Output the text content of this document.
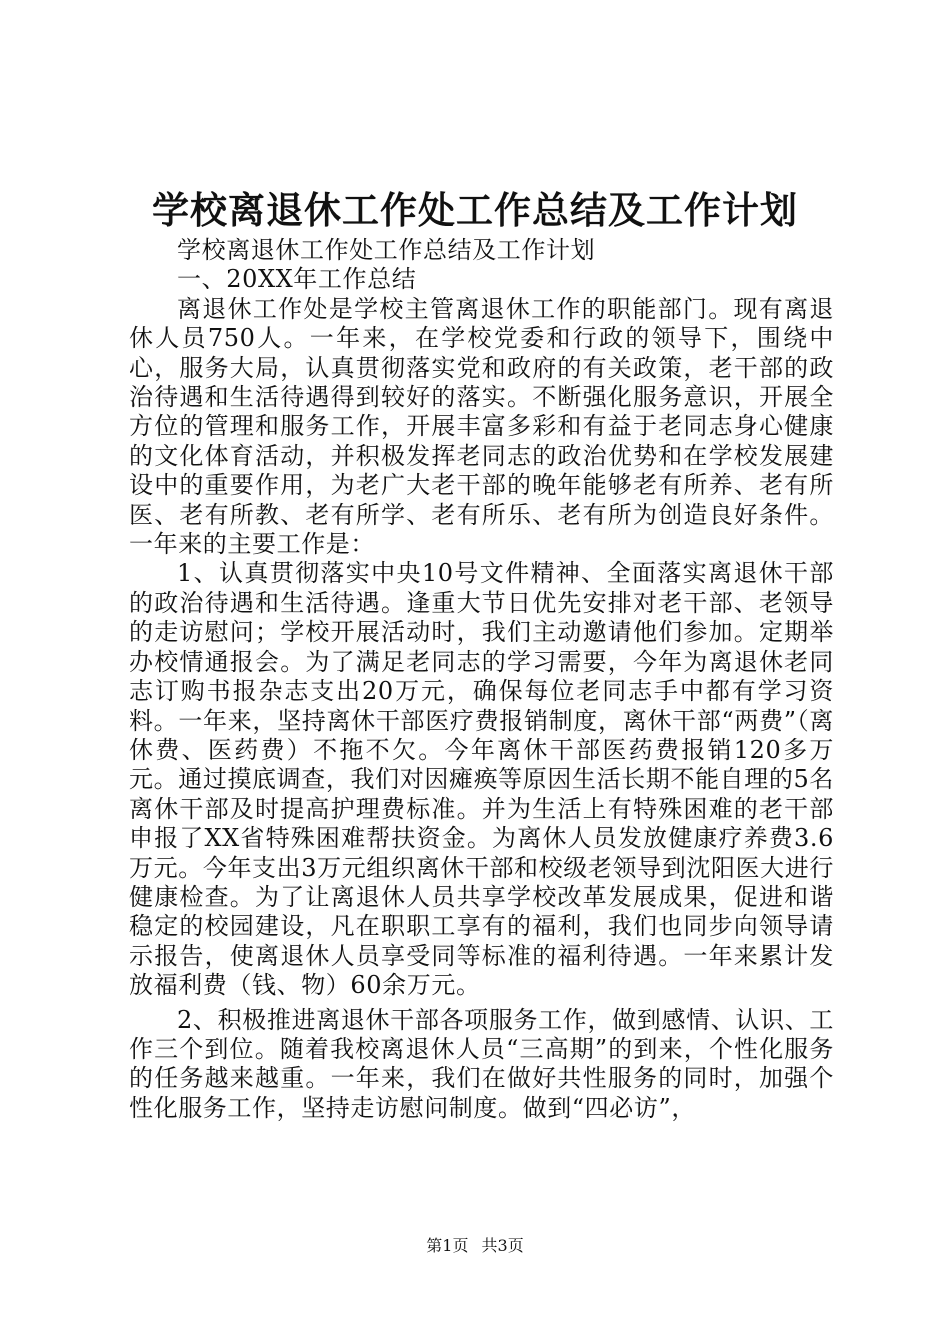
学校离退休工作处工作总结及工作计划

学校离退休工作处工作总结及工作计划

一、20XX年工作总结

离退休工作处是学校主管离退休工作的职能部门。现有离退休人员750人。一年来，在学校党委和行政的领导下，围绕中心，服务大局，认真贯彻落实党和政府的有关政策，老干部的政治待遇和生活待遇得到较好的落实。不断强化服务意识，开展全方位的管理和服务工作，开展丰富多彩和有益于老同志身心健康的文化体育活动，并积极发挥老同志的政治优势和在学校发展建设中的重要作用，为老广大老干部的晚年能够老有所养、老有所医、老有所教、老有所学、老有所乐、老有所为创造良好条件。一年来的主要工作是：

1、认真贯彻落实中央10号文件精神、全面落实离退休干部的政治待遇和生活待遇。逢重大节日优先安排对老干部、老领导的走访慰问；学校开展活动时，我们主动邀请他们参加。定期举办校情通报会。为了满足老同志的学习需要，今年为离退休老同志订购书报杂志支出20万元，确保每位老同志手中都有学习资料。一年来，坚持离休干部医疗费报销制度，离休干部“两费”（离休费、医药费）不拖不欠。今年离休干部医药费报销120多万元。通过摸底调查，我们对因瘫痪等原因生活长期不能自理的5名离休干部及时提高护理费标准。并为生活上有特殊困难的老干部申报了XX省特殊困难帮扶资金。为离休人员发放健康疗养费3.6万元。今年支出3万元组织离休干部和校级老领导到沈阳医大进行健康检查。为了让离退休人员共享学校改革发展成果，促进和谐稳定的校园建设，凡在职职工享有的福利，我们也同步向领导请示报告，使离退休人员享受同等标准的福利待遇。一年来累计发放福利费（钱、物）60余万元。

2、积极推进离退休干部各项服务工作，做到感情、认识、工作三个到位。随着我校离退休人员“三高期”的到来，个性化服务的任务越来越重。一年来，我们在做好共性服务的同时，加强个性化服务工作，坚持走访慰问制度。做到“四必访”，

第1页 共3页
